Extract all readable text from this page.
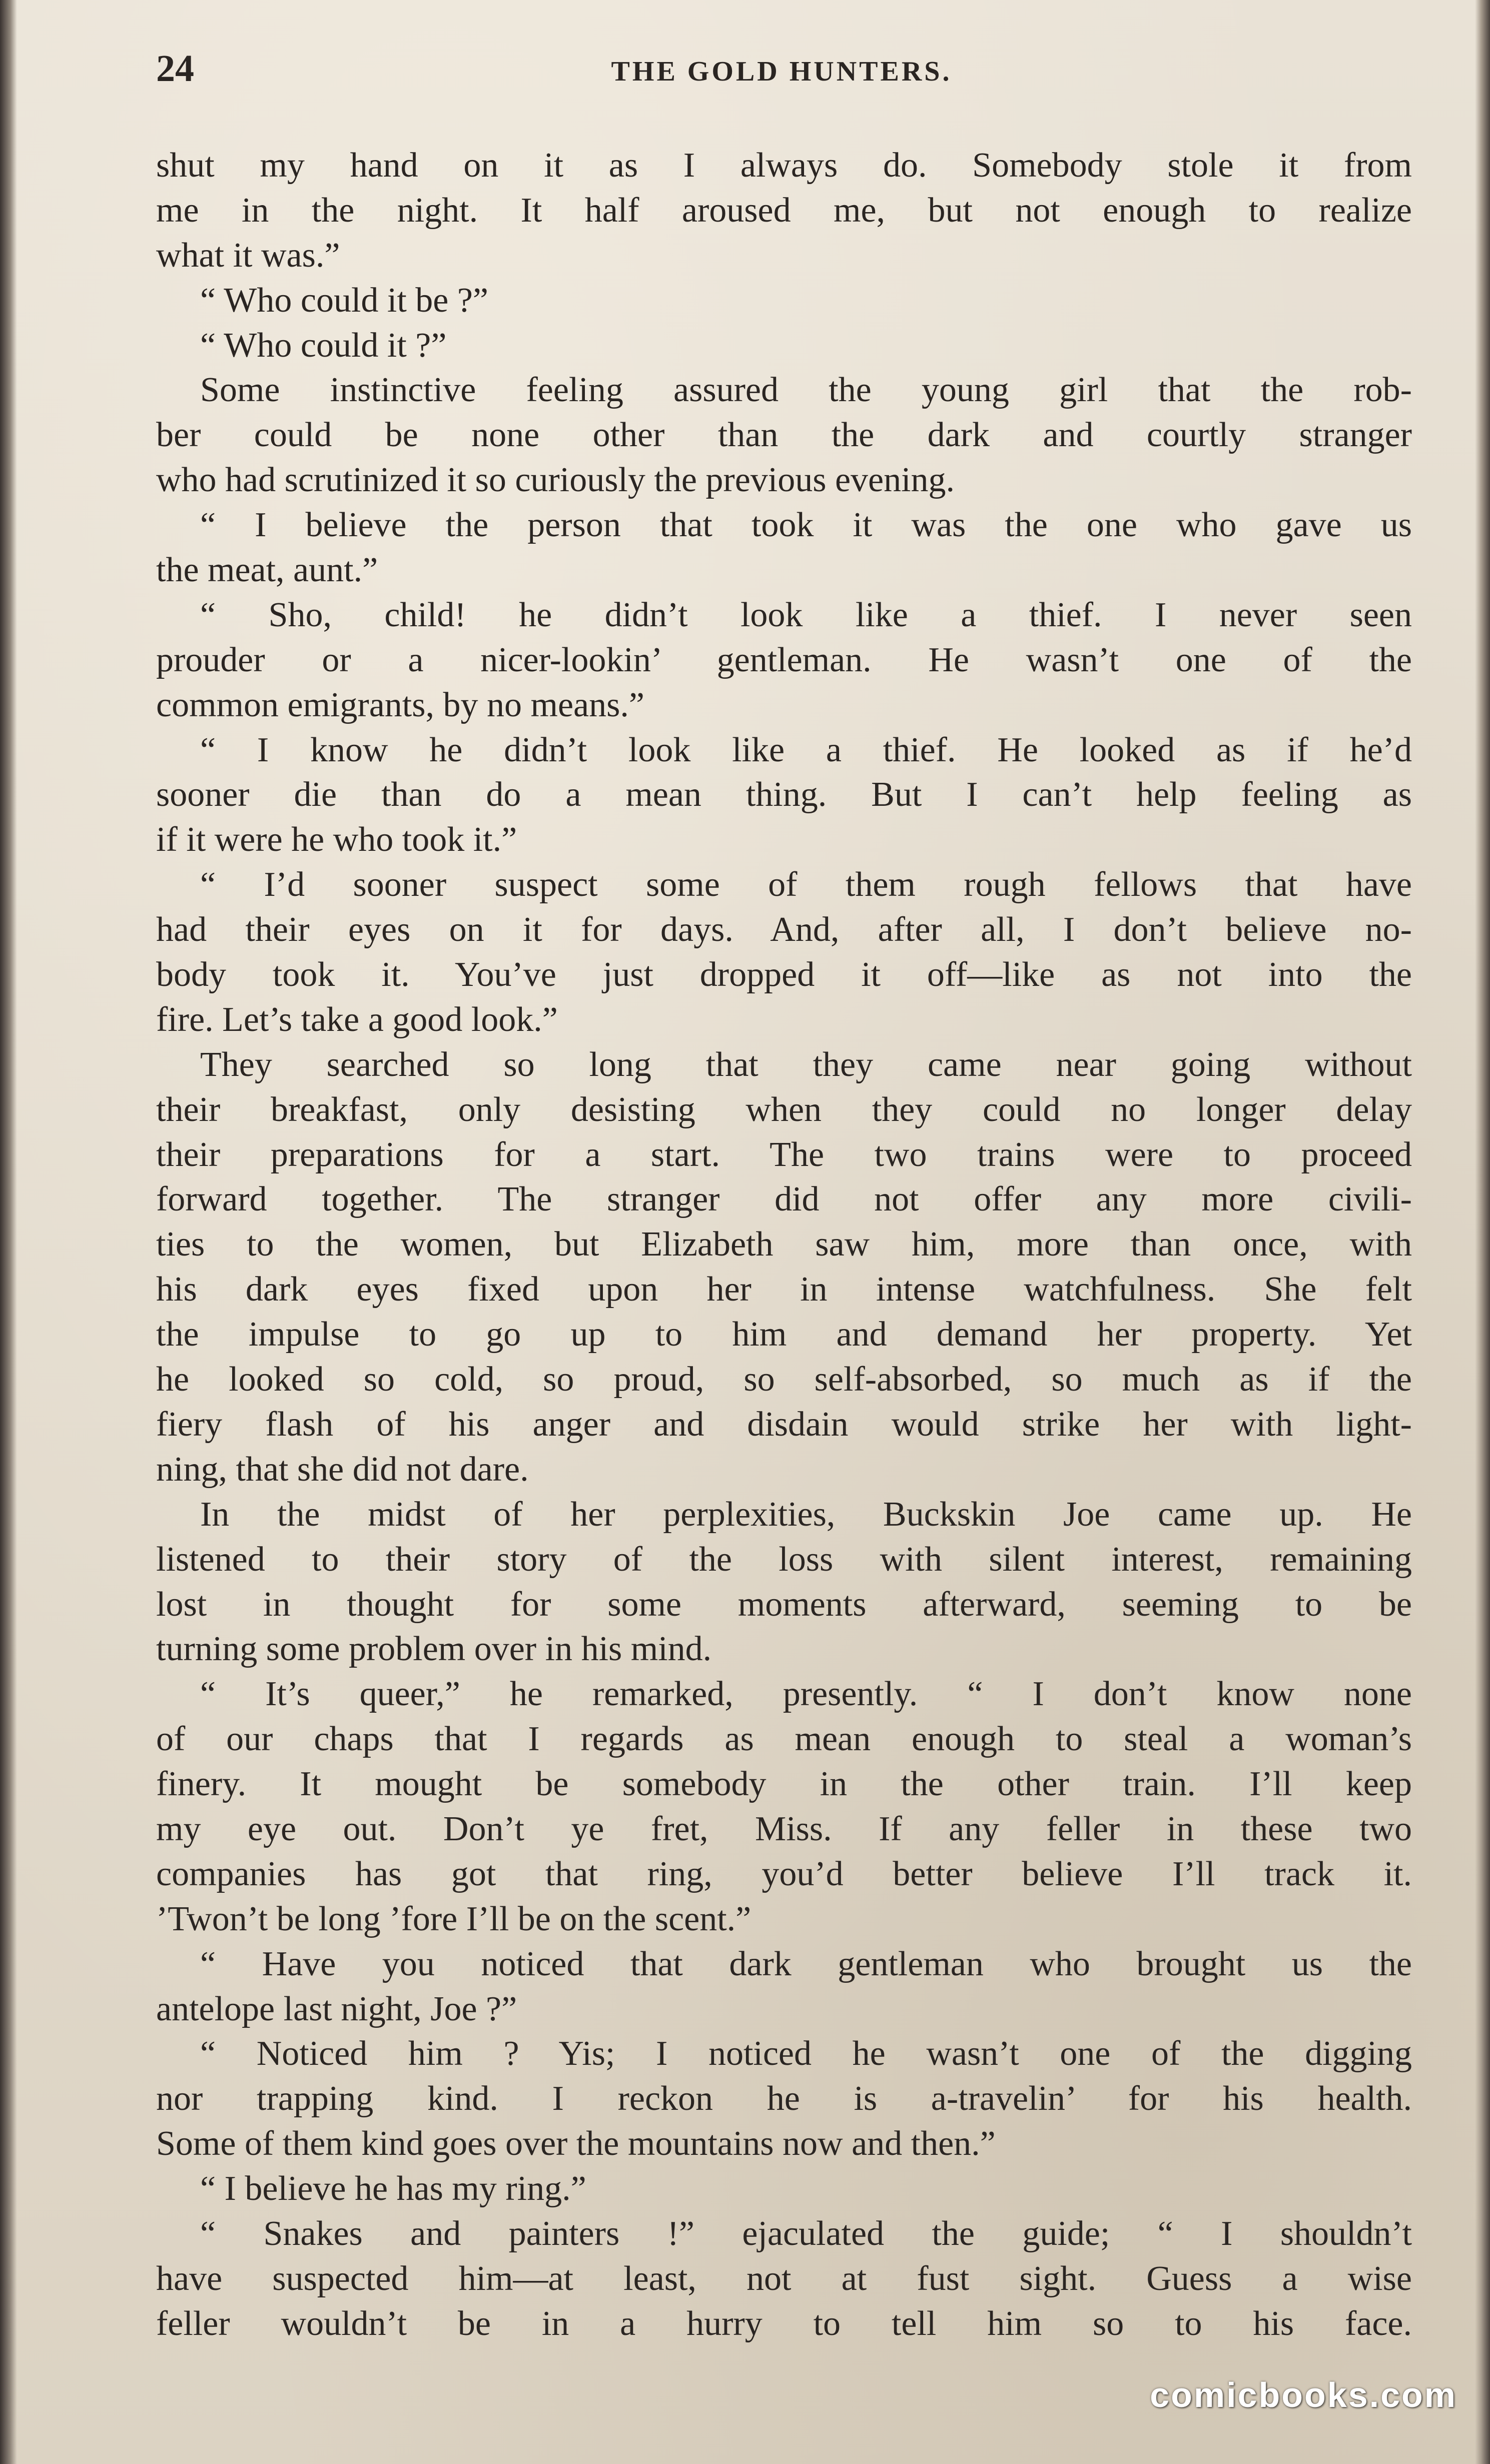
24	THE GOLD HUNTERS.
shut my hand on it as I always do. Somebody stole it from
me in the night. It half aroused me, but not enough to realize
what it was.”
“ Who could it be ?”
“ Who could it ?”
Some instinctive feeling assured the young girl that the rob-
ber could be none other than the dark and courtly stranger
who had scrutinized it so curiously the previous evening.
“ I believe the person that took it was the one who gave us
the meat, aunt.”
“ Sho, child! he didn’t look like a thief. I never seen
prouder or a nicer-lookin’ gentleman. He wasn’t one of the
common emigrants, by no means.”
“ I know he didn’t look like a thief. He looked as if he’d
sooner die than do a mean thing. But I can’t help feeling as
if it were he who took it.”
“ I’d sooner suspect some of them rough fellows that have
had their eyes on it for days. And, after all, I don’t believe no-
body took it. You’ve just dropped it off—like as not into the
fire. Let’s take a good look.”
They searched so long that they came near going without
their breakfast, only desisting when they could no longer delay
their preparations for a start. The two trains were to proceed
forward together. The stranger did not offer any more civili-
ties to the women, but Elizabeth saw him, more than once, with
his dark eyes fixed upon her in intense watchfulness. She felt
the impulse to go up to him and demand her property. Yet
he looked so cold, so proud, so self-absorbed, so much as if the
fiery flash of his anger and disdain would strike her with light-
ning, that she did not dare.
In the midst of her perplexities, Buckskin Joe came up. He
listened to their story of the loss with silent interest, remaining
lost in thought for some moments afterward, seeming to be
turning some problem over in his mind.
“ It’s queer,” he remarked, presently. “ I don’t know none
of our chaps that I regards as mean enough to steal a woman’s
finery. It mought be somebody in the other train. I’ll keep
my eye out. Don’t ye fret, Miss. If any feller in these two
companies has got that ring, you’d better believe I’ll track it.
’Twon’t be long ’fore I’ll be on the scent.”
“ Have you noticed that dark gentleman who brought us the
antelope last night, Joe ?”
“ Noticed him ? Yis; I noticed he wasn’t one of the digging
nor trapping kind. I reckon he is a-travelin’ for his health.
Some of them kind goes over the mountains now and then.”
“ I believe he has my ring.”
“ Snakes and painters !” ejaculated the guide; “ I shouldn’t
have suspected him—at least, not at fust sight. Guess a wise
feller wouldn’t be in a hurry to tell him so to his face.
comicbooks.com
